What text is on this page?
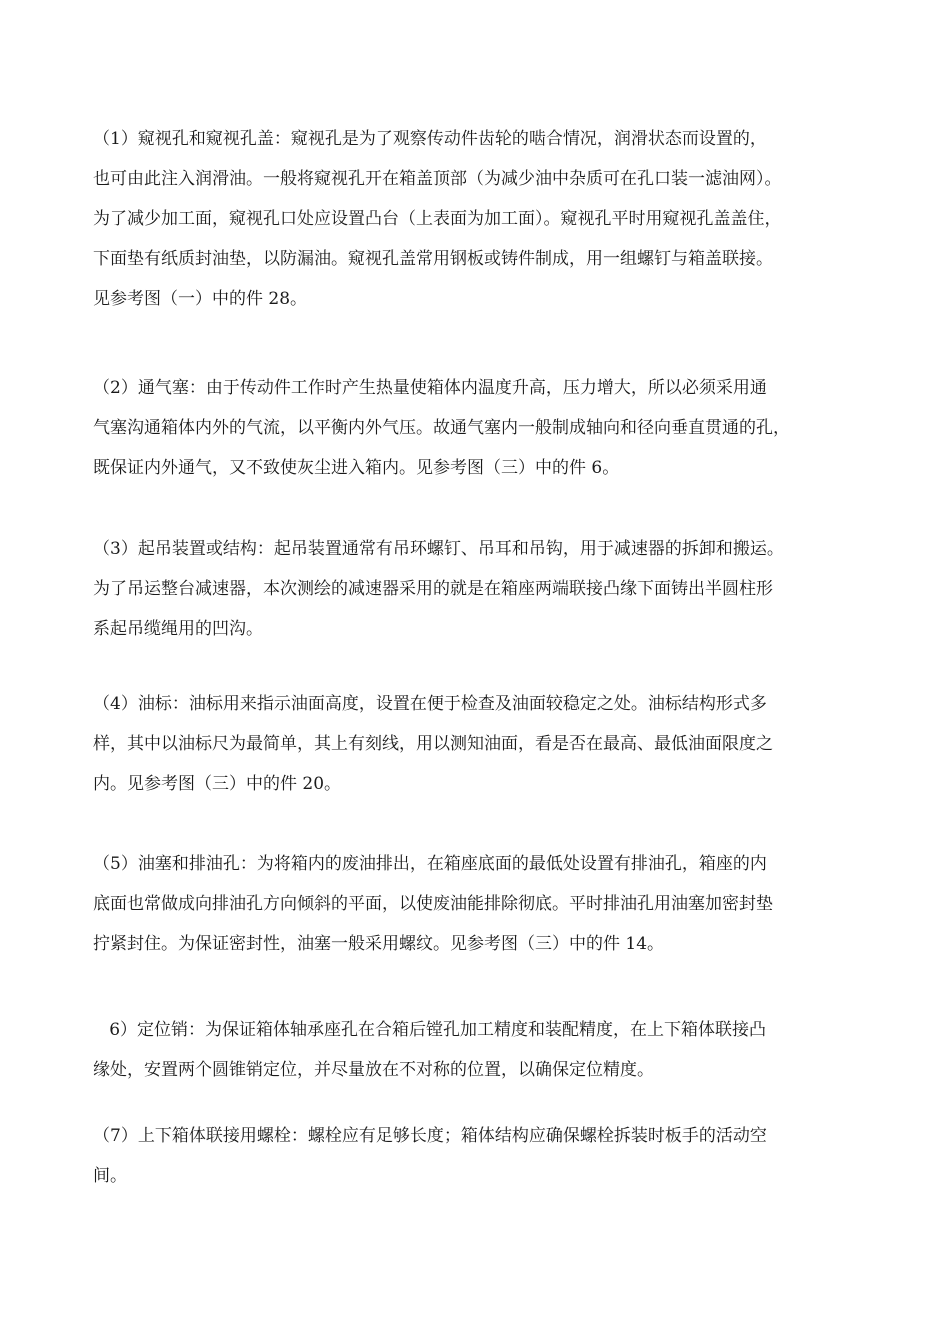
（1）窥视孔和窥视孔盖：窥视孔是为了观察传动件齿轮的啮合情况，润滑状态而设置的，
也可由此注入润滑油。一般将窥视孔开在箱盖顶部（为减少油中杂质可在孔口装一滤油网）。
为了减少加工面，窥视孔口处应设置凸台（上表面为加工面）。窥视孔平时用窥视孔盖盖住，
下面垫有纸质封油垫，以防漏油。窥视孔盖常用钢板或铸件制成，用一组螺钉与箱盖联接。
见参考图（一）中的件 28。
（2）通气塞：由于传动件工作时产生热量使箱体内温度升高，压力增大，所以必须采用通
气塞沟通箱体内外的气流，以平衡内外气压。故通气塞内一般制成轴向和径向垂直贯通的孔，
既保证内外通气，又不致使灰尘进入箱内。见参考图（三）中的件 6。
（3）起吊装置或结构：起吊装置通常有吊环螺钉、吊耳和吊钩，用于减速器的拆卸和搬运。
为了吊运整台减速器，本次测绘的减速器采用的就是在箱座两端联接凸缘下面铸出半圆柱形
系起吊缆绳用的凹沟。
（4）油标：油标用来指示油面高度，设置在便于检查及油面较稳定之处。油标结构形式多
样，其中以油标尺为最简单，其上有刻线，用以测知油面，看是否在最高、最低油面限度之
内。见参考图（三）中的件 20。
（5）油塞和排油孔：为将箱内的废油排出，在箱座底面的最低处设置有排油孔，箱座的内
底面也常做成向排油孔方向倾斜的平面，以使废油能排除彻底。平时排油孔用油塞加密封垫
拧紧封住。为保证密封性，油塞一般采用螺纹。见参考图（三）中的件 14。
6）定位销：为保证箱体轴承座孔在合箱后镗孔加工精度和装配精度，在上下箱体联接凸
缘处，安置两个圆锥销定位，并尽量放在不对称的位置，以确保定位精度。
（7）上下箱体联接用螺栓：螺栓应有足够长度；箱体结构应确保螺栓拆装时板手的活动空
间。
